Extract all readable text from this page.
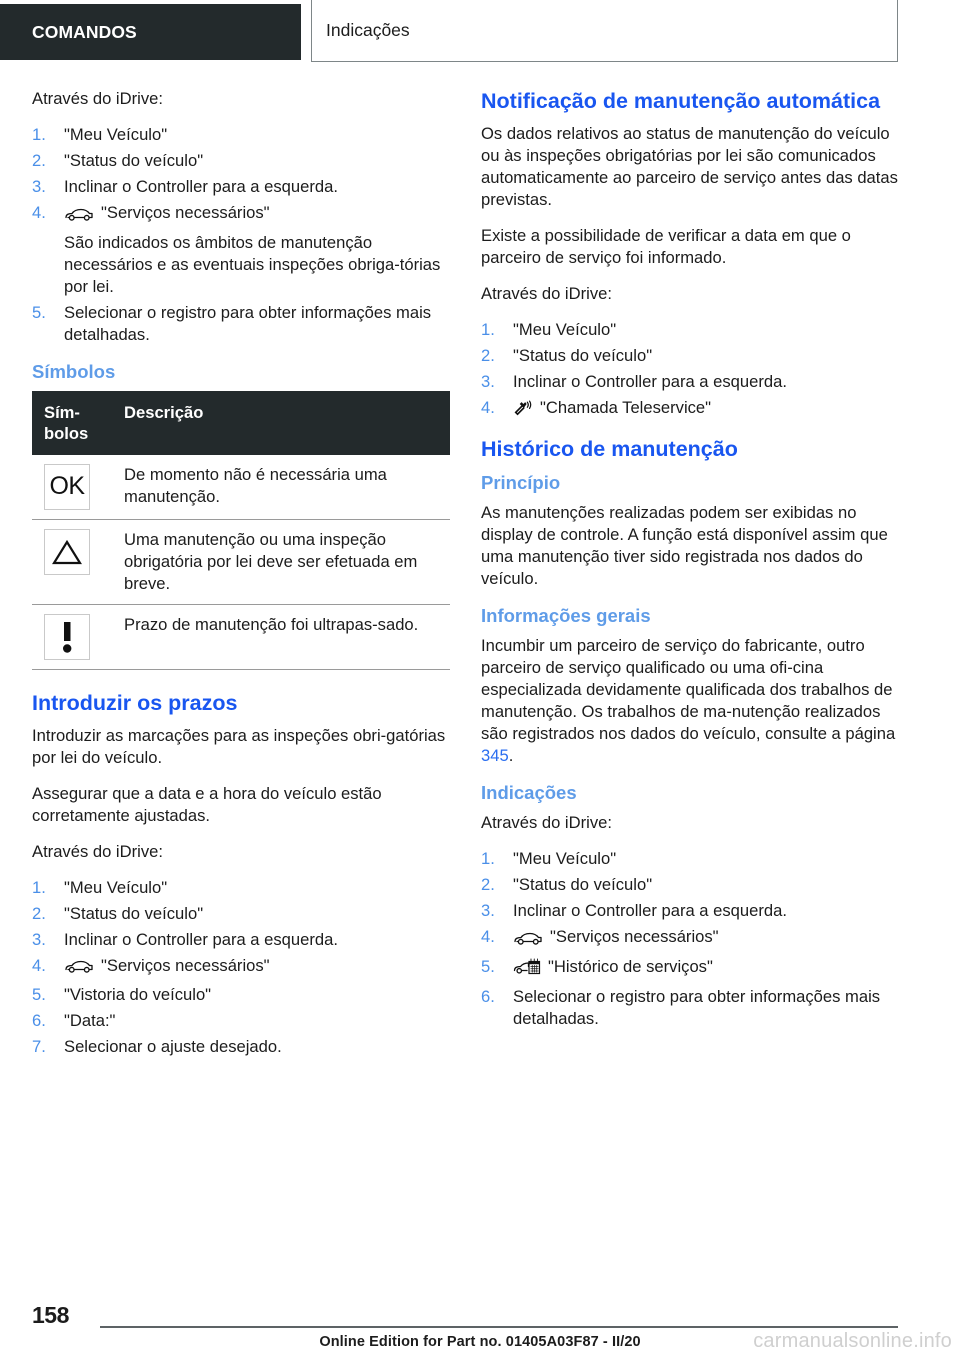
COMANDOS	Indicações

Através do iDrive:

"Meu Veículo"
"Status do veículo"
Inclinar o Controller para a esquerda.
"Serviços necessários"
São indicados os âmbitos de manutenção necessários e as eventuais inspeções obriga-tórias por lei.
Selecionar o registro para obter informações mais detalhadas.
Símbolos
Sím-bolos	Descrição

OK	De momento não é necessária uma manutenção.

	Uma manutenção ou uma inspeção obrigatória por lei deve ser efetuada em breve.

	Prazo de manutenção foi ultrapas-sado.
Introduzir os prazos

Introduzir as marcações para as inspeções obri-gatórias por lei do veículo.

Assegurar que a data e a hora do veículo estão corretamente ajustadas.

Através do iDrive:

"Meu Veículo"
"Status do veículo"
Inclinar o Controller para a esquerda.
"Serviços necessários"
"Vistoria do veículo"
"Data:"
Selecionar o ajuste desejado.
Notificação de manutenção automática

Os dados relativos ao status de manutenção do veículo ou às inspeções obrigatórias por lei são comunicados automaticamente ao parceiro de serviço antes das datas previstas.

Existe a possibilidade de verificar a data em que o parceiro de serviço foi informado.

Através do iDrive:

"Meu Veículo"
"Status do veículo"
Inclinar o Controller para a esquerda.
"Chamada Teleservice"
Histórico de manutenção
Princípio

As manutenções realizadas podem ser exibidas no display de controle. A função está disponível assim que uma manutenção tiver sido registrada nos dados do veículo.

Informações gerais

Incumbir um parceiro de serviço do fabricante, outro parceiro de serviço qualificado ou uma ofi-cina especializada devidamente qualificada dos trabalhos de manutenção. Os trabalhos de ma-nutenção realizados são registrados nos dados do veículo, consulte a página 345.

Indicações

Através do iDrive:

"Meu Veículo"
"Status do veículo"
Inclinar o Controller para a esquerda.
"Serviços necessários"
"Histórico de serviços"
Selecionar o registro para obter informações mais detalhadas.
158
Online Edition for Part no. 01405A03F87 - II/20	carmanualsonline.info
